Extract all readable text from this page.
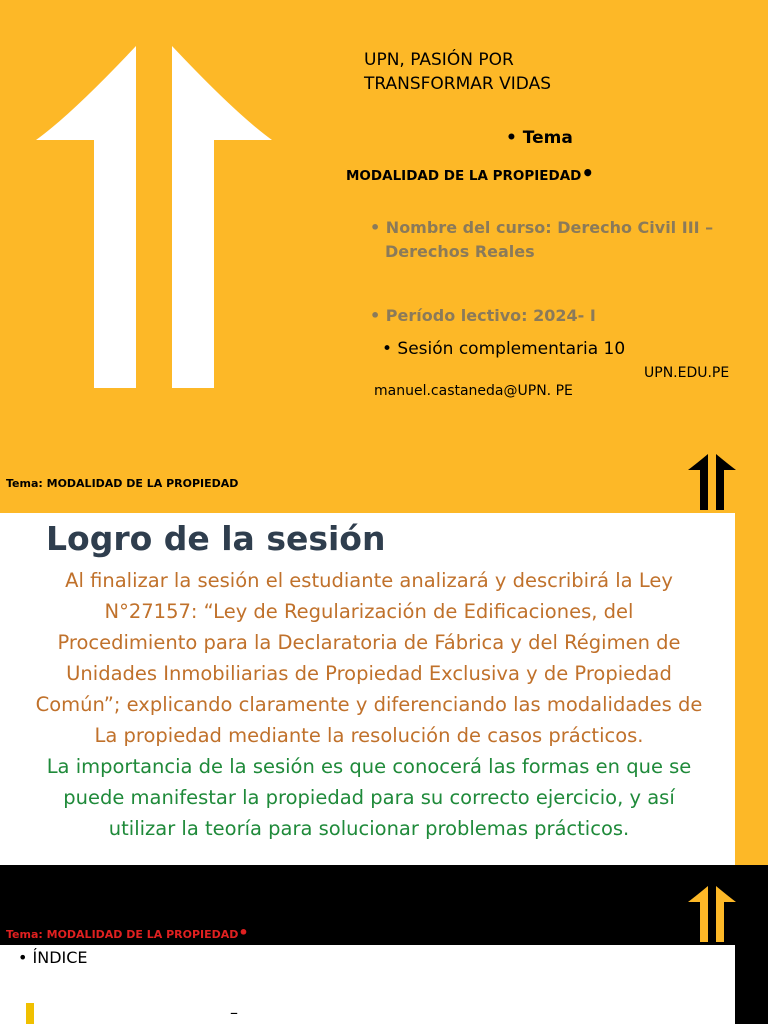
UPN, PASIÓN POR
TRANSFORMAR VIDAS
• Tema
MODALIDAD DE LA PROPIEDAD•
• Nombre del curso: Derecho Civil III –
Derechos Reales
• Período lectivo: 2024- I
• Sesión complementaria 10
UPN.EDU.PE
manuel.castaneda@UPN. PE
Tema: MODALIDAD DE LA PROPIEDAD
Logro de la sesión
Al finalizar la sesión el estudiante analizará y describirá la Ley
N°27157: “Ley de Regularización de Edificaciones, del
Procedimiento para la Declaratoria de Fábrica y del Régimen de
Unidades Inmobiliarias de Propiedad Exclusiva y de Propiedad
Común”; explicando claramente y diferenciando las modalidades de
La propiedad mediante la resolución de casos prácticos.
La importancia de la sesión es que conocerá las formas en que se
puede manifestar la propiedad para su correcto ejercicio, y así
utilizar la teoría para solucionar problemas prácticos.
Tema: MODALIDAD DE LA PROPIEDAD•
• ÍNDICE
–
